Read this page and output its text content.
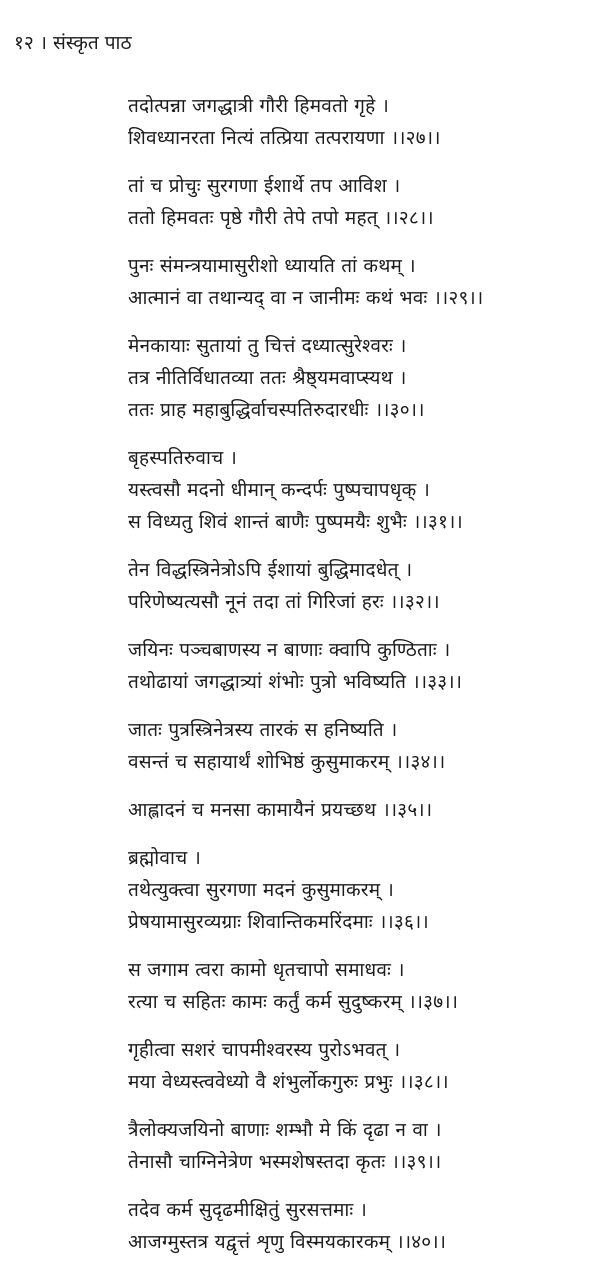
१२ । संस्कृत पाठ
तदोत्पन्ना जगद्धात्री गौरी हिमवतो गृहे ।
शिवध्यानरता नित्यं तत्प्रिया तत्परायणा ।।२७।।
तां च प्रोचुः सुरगणा ईशार्थे तप आविश ।
ततो हिमवतः पृष्ठे गौरी तेपे तपो महत् ।।२८।।
पुनः संमन्त्रयामासुरीशो ध्यायति तां कथम् ।
आत्मानं वा तथान्यद् वा न जानीमः कथं भवः ।।२९।।
मेनकायाः सुतायां तु चित्तं दध्यात्सुरेश्वरः ।
तत्र नीतिर्विधातव्या ततः श्रैष्ठ्यमवाप्स्यथ ।
ततः प्राह महाबुद्धिर्वाचस्पतिरुदारधीः ।।३०।।
बृहस्पतिरुवाच ।
यस्त्वसौ मदनो धीमान् कन्दर्पः पुष्पचापधृक् ।
स विध्यतु शिवं शान्तं बाणैः पुष्पमयैः शुभैः ।।३१।।
तेन विद्धस्त्रिनेत्रोऽपि ईशायां बुद्धिमादधेत् ।
परिणेष्यत्यसौ नूनं तदा तां गिरिजां हरः ।।३२।।
जयिनः पञ्चबाणस्य न बाणाः क्वापि कुण्ठिताः ।
तथोढायां जगद्धात्र्यां शंभोः पुत्रो भविष्यति ।।३३।।
जातः पुत्रस्त्रिनेत्रस्य तारकं स हनिष्यति ।
वसन्तं च सहायार्थं शोभिष्ठं कुसुमाकरम् ।।३४।।
आह्लादनं च मनसा कामायैनं प्रयच्छथ ।।३५।।
ब्रह्मोवाच ।
तथेत्युक्त्वा सुरगणा मदनं कुसुमाकरम् ।
प्रेषयामासुरव्यग्राः शिवान्तिकमरिंदमाः ।।३६।।
स जगाम त्वरा कामो धृतचापो समाधवः ।
रत्या च सहितः कामः कर्तुं कर्म सुदुष्करम् ।।३७।।
गृहीत्वा सशरं चापमीश्वरस्य पुरोऽभवत् ।
मया वेध्यस्त्ववेध्यो वै शंभुर्लोकगुरुः प्रभुः ।।३८।।
त्रैलोक्यजयिनो बाणाः शम्भौ मे किं दृढा न वा ।
तेनासौ चाग्निनेत्रेण भस्मशेषस्तदा कृतः ।।३९।।
तदेव कर्म सुदृढमीक्षितुं सुरसत्तमाः ।
आजग्मुस्तत्र यद्वृत्तं शृणु विस्मयकारकम् ।।४०।।
